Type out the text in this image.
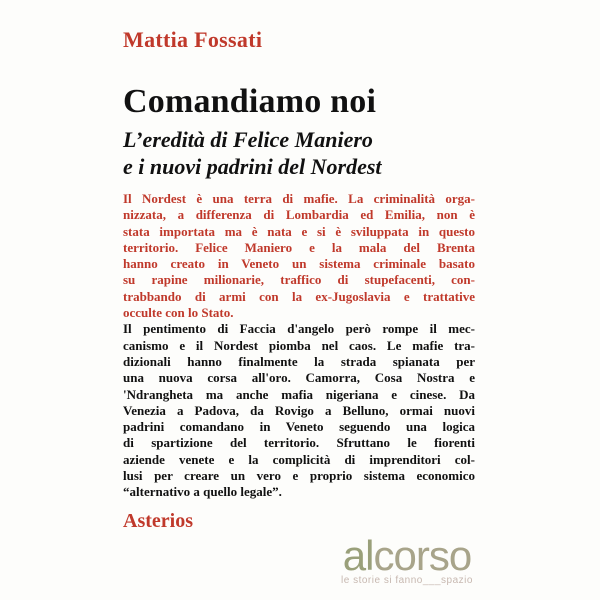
Mattia Fossati
Comandiamo noi
L’eredità di Felice Maniero
e i nuovi padrini del Nordest
Il Nordest è una terra di mafie. La criminalità orga-
nizzata, a differenza di Lombardia ed Emilia, non è
stata importata ma è nata e si è sviluppata in questo
territorio. Felice Maniero e la mala del Brenta
hanno creato in Veneto un sistema criminale basato
su rapine milionarie, traffico di stupefacenti, con-
trabbando di armi con la ex-Jugoslavia e trattative
occulte con lo Stato.
Il pentimento di Faccia d'angelo però rompe il mec-
canismo e il Nordest piomba nel caos. Le mafie tra-
dizionali hanno finalmente la strada spianata per
una nuova corsa all'oro. Camorra, Cosa Nostra e
'Ndrangheta ma anche mafia nigeriana e cinese. Da
Venezia a Padova, da Rovigo a Belluno, ormai nuovi
padrini comandano in Veneto seguendo una logica
di spartizione del territorio. Sfruttano le fiorenti
aziende venete e la complicità di imprenditori col-
lusi per creare un vero e proprio sistema economico
“alternativo a quello legale”.
Asterios
alcorso
le storie si fanno___spazio
